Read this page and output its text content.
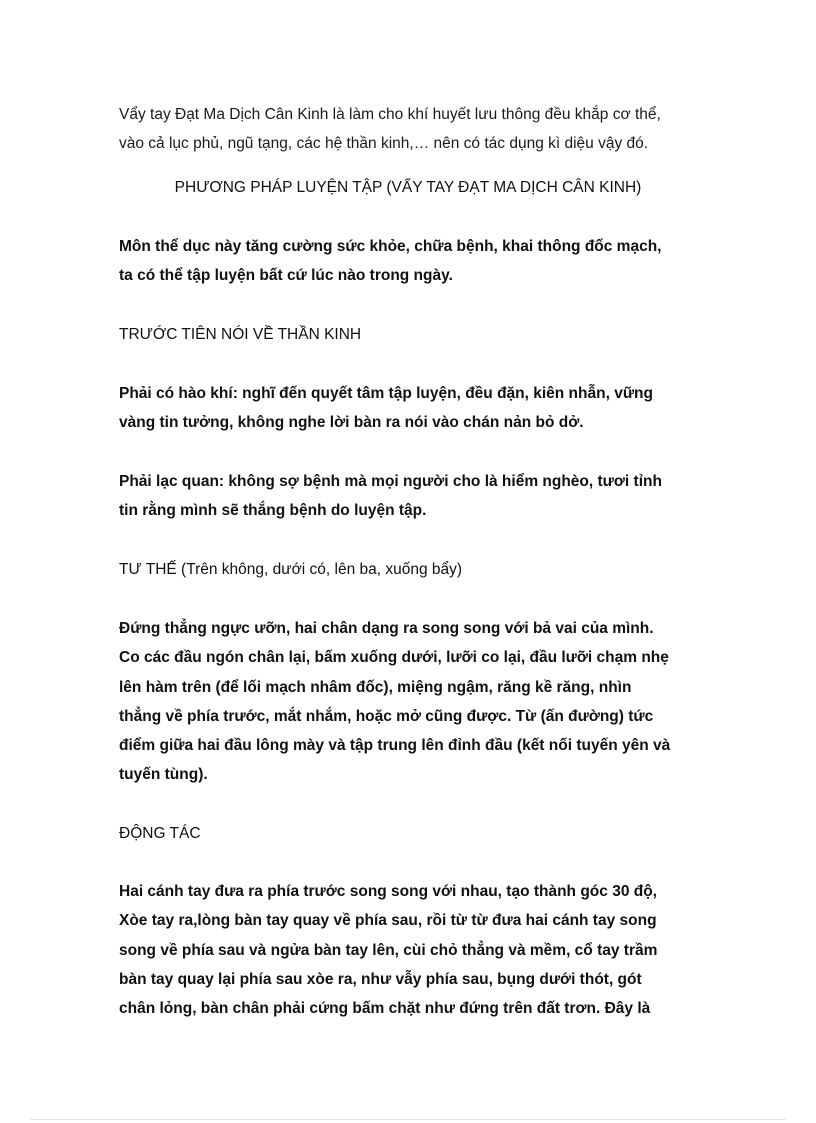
Vẩy tay Đạt Ma Dịch Cân Kinh là làm cho khí huyết lưu thông đều khắp cơ thể,
vào cả lục phủ, ngũ tạng, các hệ thần kinh,… nên có tác dụng kì diệu vậy đó.
PHƯƠNG PHÁP LUYỆN TẬP (VẨY TAY ĐẠT MA DỊCH CÂN KINH)
Môn thể dục này tăng cường sức khỏe, chữa bệnh, khai thông đốc mạch,
ta có thể tập luyện bất cứ lúc nào trong ngày.
TRƯỚC TIÊN NÓI VỀ THẦN KINH
Phải có hào khí: nghĩ đến quyết tâm tập luyện, đều đặn, kiên nhẫn, vững
vàng tin tưởng, không nghe lời bàn ra nói vào chán nản bỏ dở.
Phải lạc quan: không sợ bệnh mà mọi người cho là hiểm nghèo, tươi tỉnh
tin rằng mình sẽ thắng bệnh do luyện tập.
TƯ THẾ (Trên không, dưới có, lên ba, xuống bẩy)
Đứng thẳng ngực ưỡn, hai chân dạng ra song song với bả vai của mình.
Co các đầu ngón chân lại, bấm xuống dưới, lưỡi co lại, đầu lưỡi chạm nhẹ
lên hàm trên (để lối mạch nhâm đốc), miệng ngậm, răng kề răng, nhìn
thẳng về phía trước, mắt nhắm, hoặc mở cũng được. Từ (ấn đường) tức
điểm giữa hai đầu lông mày và tập trung lên đỉnh đầu (kết nối tuyến yên và
tuyến tùng).
ĐỘNG TÁC
Hai cánh tay đưa ra phía trước song song với nhau, tạo thành góc 30 độ,
Xòe tay ra,lòng bàn tay quay về phía sau, rồi từ từ đưa hai cánh tay song
song về phía sau và ngửa bàn tay lên, cùi chỏ thẳng và mềm, cổ tay trầm
bàn tay quay lại phía sau xòe ra, như vẫy phía sau, bụng dưới thót, gót
chân lỏng, bàn chân phải cứng bấm chặt như đứng trên đất trơn. Đây là
